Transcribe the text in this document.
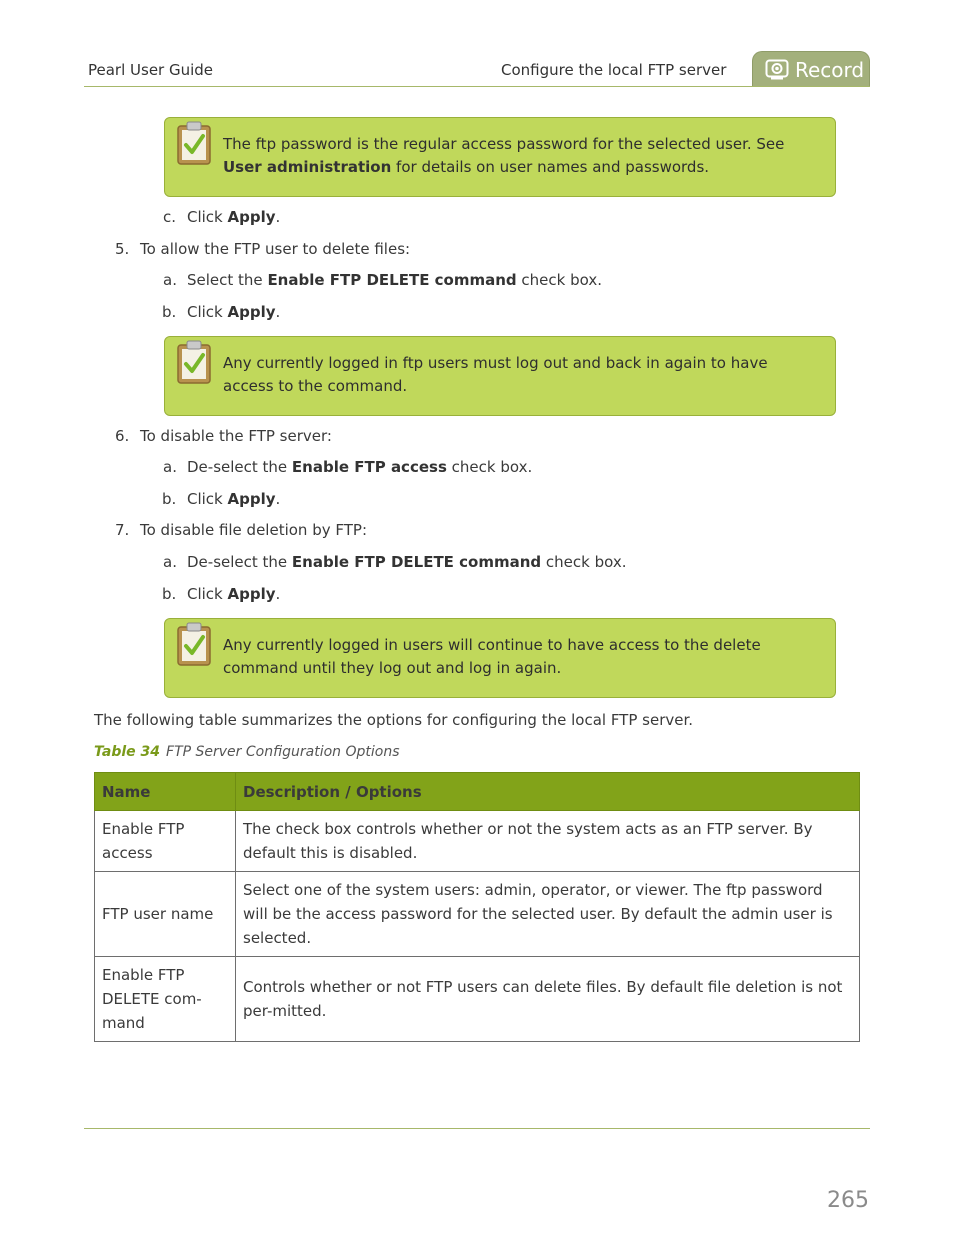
Pearl User Guide	Configure the local FTP server	Record
The ftp password is the regular access password for the selected user. See User administration for details on user names and passwords.
c. Click Apply.
5. To allow the FTP user to delete files:
a. Select the Enable FTP DELETE command check box.
b. Click Apply.
Any currently logged in ftp users must log out and back in again to have access to the command.
6. To disable the FTP server:
a. De-select the Enable FTP access check box.
b. Click Apply.
7. To disable file deletion by FTP:
a. De-select the Enable FTP DELETE command check box.
b. Click Apply.
Any currently logged in users will continue to have access to the delete command until they log out and log in again.
The following table summarizes the options for configuring the local FTP server.
Table 34 FTP Server Configuration Options
Name	Description / Options
Enable FTP access	The check box controls whether or not the system acts as an FTP server. By default this is disabled.
FTP user name	Select one of the system users: admin, operator, or viewer. The ftp password will be the access password for the selected user. By default the admin user is selected.
Enable FTP DELETE com-mand	Controls whether or not FTP users can delete files. By default file deletion is not per-mitted.
265
